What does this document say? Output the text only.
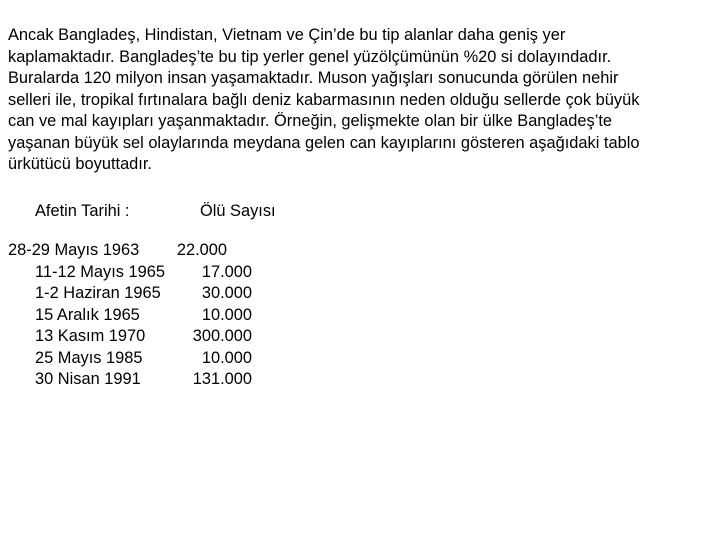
Ancak Bangladeş, Hindistan, Vietnam ve Çin’de bu tip alanlar daha geniş yer
kaplamaktadır. Bangladeş’te bu tip yerler genel yüzölçümünün %20 si dolayındadır.
Buralarda 120 milyon insan yaşamaktadır. Muson yağışları sonucunda görülen nehir
selleri ile, tropikal fırtınalara bağlı deniz kabarmasının neden olduğu sellerde çok büyük
can ve mal kayıpları yaşanmaktadır. Örneğin, gelişmekte olan bir ülke Bangladeş’te
yaşanan büyük sel olaylarında meydana gelen can kayıplarını gösteren aşağıdaki tablo
ürkütücü boyuttadır.

Afetin Tarihi :	Ölü Sayısı
28-29 Mayıs 1963 22.000
11-12 Mayıs 1965 17.000
1-2 Haziran 1965	30.000
15 Aralık 1965	10.000
13 Kasım 1970	300.000
25 Mayıs 1985	10.000
30 Nisan 1991	131.000
